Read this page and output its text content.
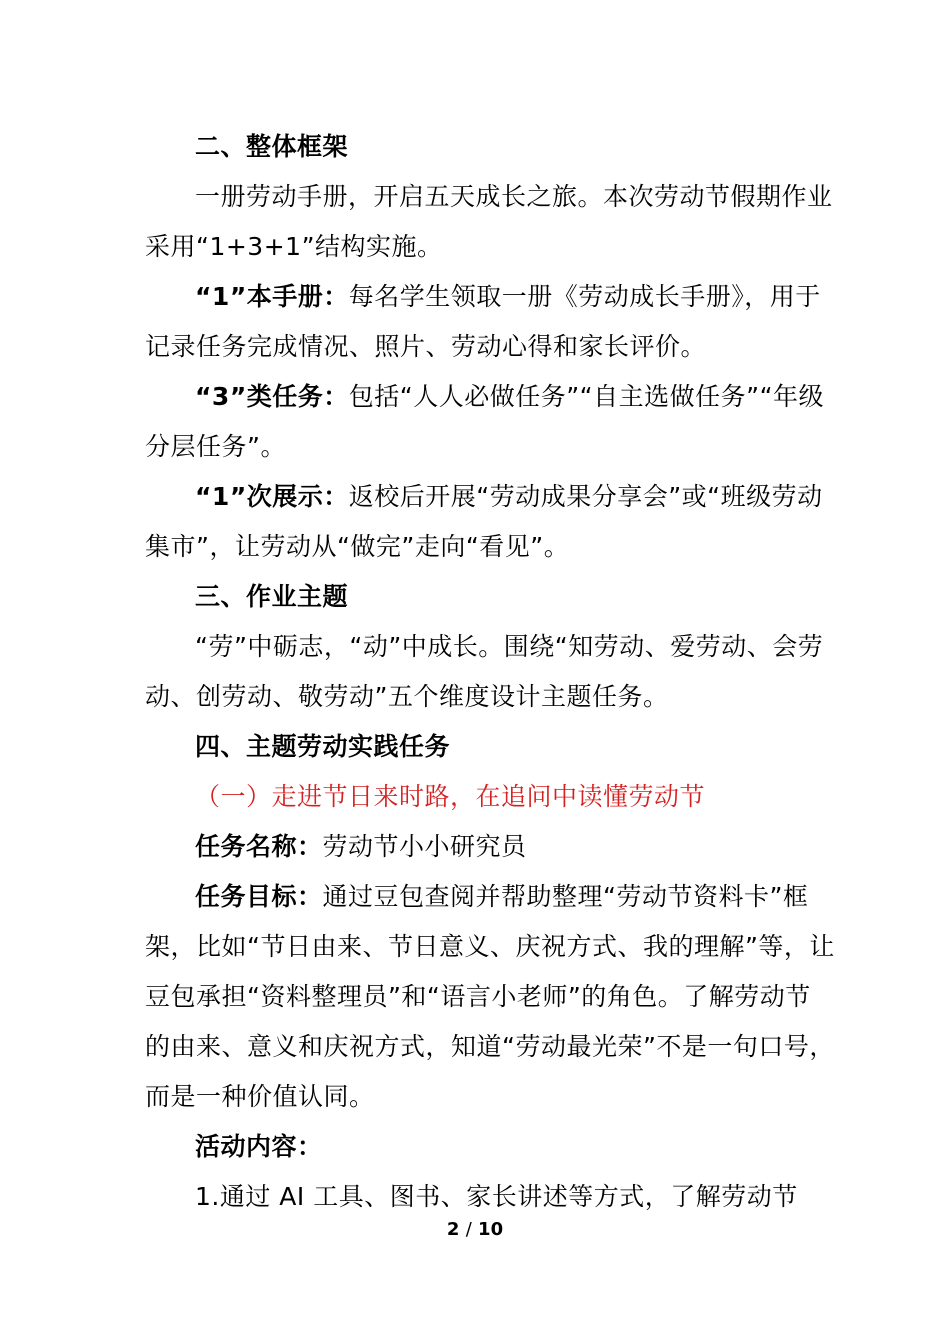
二、整体框架

一册劳动手册，开启五天成长之旅。本次劳动节假期作业采用“1+3+1”结构实施。

“1”本手册：每名学生领取一册《劳动成长手册》，用于记录任务完成情况、照片、劳动心得和家长评价。

“3”类任务：包括“人人必做任务”“自主选做任务”“年级分层任务”。

“1”次展示：返校后开展“劳动成果分享会”或“班级劳动集市”，让劳动从“做完”走向“看见”。

三、作业主题

“劳”中砺志，“动”中成长。围绕“知劳动、爱劳动、会劳动、创劳动、敬劳动”五个维度设计主题任务。

四、主题劳动实践任务

（一）走进节日来时路，在追问中读懂劳动节

任务名称：劳动节小小研究员

任务目标：通过豆包查阅并帮助整理“劳动节资料卡”框架，比如“节日由来、节日意义、庆祝方式、我的理解”等，让豆包承担“资料整理员”和“语言小老师”的角色。了解劳动节的由来、意义和庆祝方式，知道“劳动最光荣”不是一句口号，而是一种价值认同。

活动内容：

1.通过 AI 工具、图书、家长讲述等方式，了解劳动节

2 / 10
